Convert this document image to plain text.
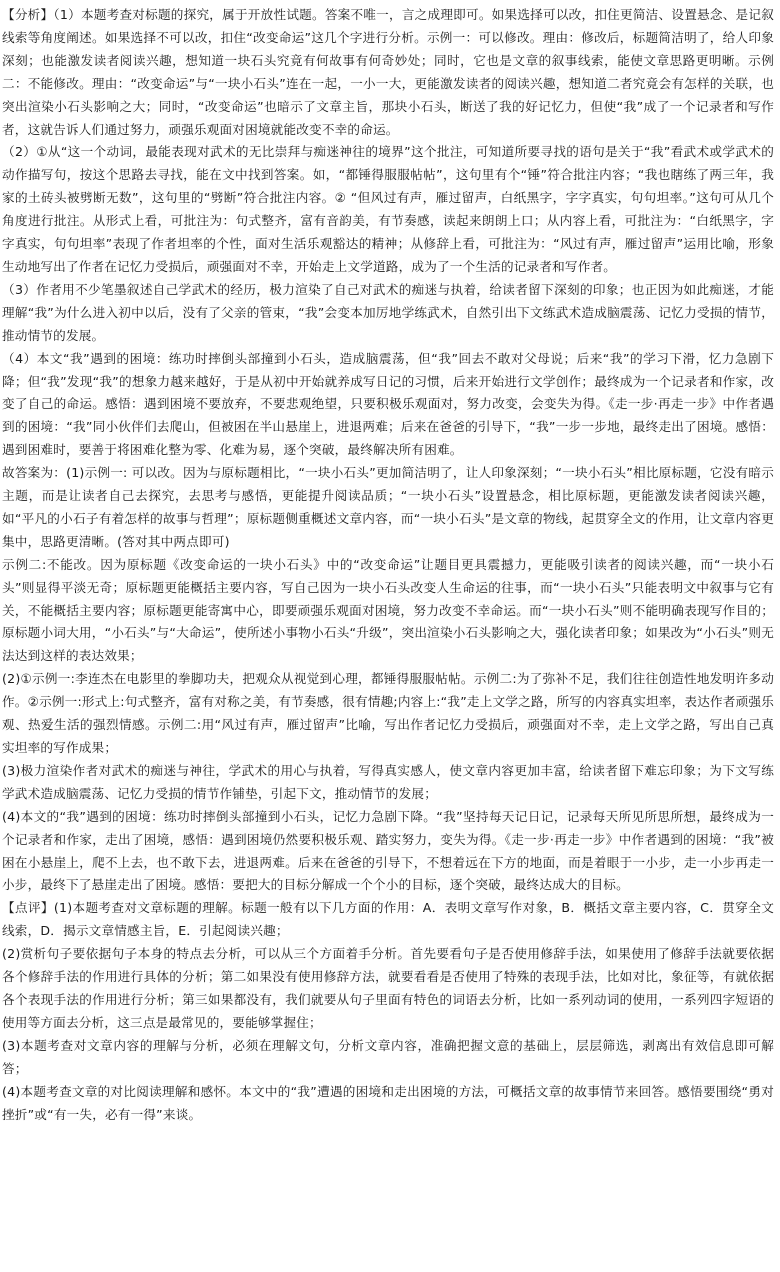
【分析】（1）本题考查对标题的探究，属于开放性试题。答案不唯一，言之成理即可。如果选择可以改，扣住更简洁、设置悬念、是记叙线索等角度阐述。如果选择不可以改，扣住“改变命运”这几个字进行分析。示例一：可以修改。理由：修改后，标题简洁明了，给人印象深刻；也能激发读者阅读兴趣，想知道一块石头究竟有何故事有何奇妙处；同时，它也是文章的叙事线索，能使文章思路更明晰。示例二：不能修改。理由：“改变命运”与“一块小石头”连在一起，一小一大，更能激发读者的阅读兴趣，想知道二者究竟会有怎样的关联，也突出渲染小石头影响之大；同时，“改变命运”也暗示了文章主旨，那块小石头，断送了我的好记忆力，但使“我”成了一个记录者和写作者，这就告诉人们通过努力，顽强乐观面对困境就能改变不幸的命运。

（2）①从“这一个动词，最能表现对武术的无比崇拜与痴迷神往的境界”这个批注，可知道所要寻找的语句是关于“我”看武术或学武术的动作描写句，按这个思路去寻找，能在文中找到答案。如，“都锤得服服帖帖”，这句里有个“锤”符合批注内容；“我也瞎练了两三年，我家的土砖头被劈断无数”，这句里的“劈断”符合批注内容。② “但风过有声，雁过留声，白纸黑字，字字真实，句句坦率。”这句可从几个角度进行批注。从形式上看，可批注为：句式整齐，富有音韵美，有节奏感，读起来朗朗上口；从内容上看，可批注为：“白纸黑字，字字真实，句句坦率”表现了作者坦率的个性，面对生活乐观豁达的精神；从修辞上看，可批注为：“风过有声，雁过留声”运用比喻，形象生动地写出了作者在记忆力受损后，顽强面对不幸，开始走上文学道路，成为了一个生活的记录者和写作者。

（3）作者用不少笔墨叙述自己学武术的经历，极力渲染了自己对武术的痴迷与执着，给读者留下深刻的印象；也正因为如此痴迷，才能理解“我”为什么进入初中以后，没有了父亲的管束，“我”会变本加厉地学练武术，自然引出下文练武术造成脑震荡、记忆力受损的情节，推动情节的发展。

（4）本文“我”遇到的困境：练功时摔倒头部撞到小石头，造成脑震荡，但“我”回去不敢对父母说；后来“我”的学习下滑，忆力急剧下降；但“我”发现“我”的想象力越来越好，于是从初中开始就养成写日记的习惯，后来开始进行文学创作；最终成为一个记录者和作家，改变了自己的命运。感悟：遇到困境不要放弃，不要悲观绝望，只要积极乐观面对，努力改变，会变失为得。《走一步·再走一步》中作者遇到的困境：“我”同小伙伴们去爬山，但被困在半山悬崖上，进退两难；后来在爸爸的引导下，“我”一步一步地，最终走出了困境。感悟：遇到困难时，要善于将困难化整为零、化难为易，逐个突破，最终解决所有困难。

故答案为：(1)示例一: 可以改。因为与原标题相比，“一块小石头”更加简洁明了，让人印象深刻；“一块小石头”相比原标题，它没有暗示主题，而是让读者自己去探究，去思考与感悟，更能提升阅读品质；“一块小石头”设置悬念，相比原标题，更能激发读者阅读兴趣，如“平凡的小石子有着怎样的故事与哲理”；原标题侧重概述文章内容，而“一块小石头”是文章的物线，起贯穿全文的作用，让文章内容更集中，思路更清晰。(答对其中两点即可)

示例二:不能改。因为原标题《改变命运的一块小石头》中的“改变命运”让题目更具震撼力，更能吸引读者的阅读兴趣，而“一块小石头”则显得平淡无奇；原标题更能概括主要内容，写自己因为一块小石头改变人生命运的往事，而“一块小石头”只能表明文中叙事与它有关，不能概括主要内容；原标题更能寄寓中心，即要顽强乐观面对困境，努力改变不幸命运。而“一块小石头”则不能明确表现写作目的；原标题小词大用，“小石头”与“大命运”，使所述小事物小石头“升级”，突出渲染小石头影响之大，强化读者印象；如果改为“小石头”则无法达到这样的表达效果；

(2)①示例一:李连杰在电影里的拳脚功夫，把观众从视觉到心理，都锤得服服帖帖。示例二:为了弥补不足，我们往往创造性地发明许多动作。②示例一:形式上:句式整齐，富有对称之美，有节奏感，很有情趣;内容上:“我”走上文学之路，所写的内容真实坦率，表达作者顽强乐观、热爱生活的强烈情感。示例二:用“风过有声，雁过留声”比喻，写出作者记忆力受损后，顽强面对不幸，走上文学之路，写出自己真实坦率的写作成果；

(3)极力渲染作者对武术的痴迷与神往，学武术的用心与执着，写得真实感人，使文章内容更加丰富，给读者留下难忘印象；为下文写练学武术造成脑震荡、记忆力受损的情节作铺垫，引起下文，推动情节的发展；

(4)本文的“我”遇到的困境：练功时摔倒头部撞到小石头，记忆力急剧下降。“我”坚持每天记日记，记录每天所见所思所想，最终成为一个记录者和作家，走出了困境，感悟：遇到困境仍然要积极乐观、踏实努力，变失为得。《走一步·再走一步》中作者遇到的困境：“我”被困在小悬崖上，爬不上去，也不敢下去，进退两难。后来在爸爸的引导下，不想着远在下方的地面，而是着眼于一小步，走一小步再走一小步，最终下了悬崖走出了困境。感悟：要把大的目标分解成一个个小的目标，逐个突破，最终达成大的目标。

【点评】(1)本题考查对文章标题的理解。标题一般有以下几方面的作用：A．表明文章写作对象，B．概括文章主要内容，C．贯穿全文线索，D．揭示文章情感主旨，E．引起阅读兴趣；

(2)赏析句子要依据句子本身的特点去分析，可以从三个方面着手分析。首先要看句子是否使用修辞手法，如果使用了修辞手法就要依据各个修辞手法的作用进行具体的分析；第二如果没有使用修辞方法，就要看看是否使用了特殊的表现手法，比如对比，象征等，有就依据各个表现手法的作用进行分析；第三如果都没有，我们就要从句子里面有特色的词语去分析，比如一系列动词的使用，一系列四字短语的使用等方面去分析，这三点是最常见的，要能够掌握住；

(3)本题考查对文章内容的理解与分析，必须在理解文句，分析文章内容，准确把握文意的基础上，层层筛选，剥离出有效信息即可解答；

(4)本题考查文章的对比阅读理解和感怀。本文中的“我”遭遇的困境和走出困境的方法，可概括文章的故事情节来回答。感悟要围绕“勇对挫折”或“有一失，必有一得”来谈。
